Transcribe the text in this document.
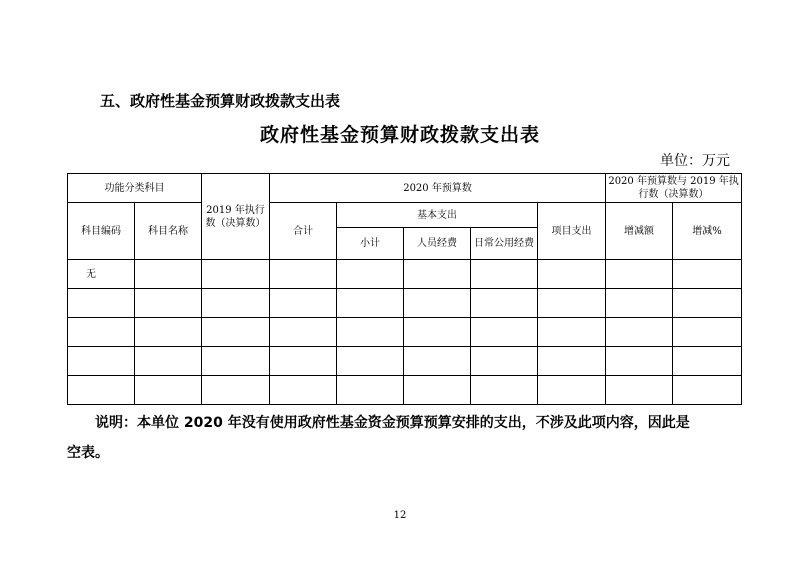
五、政府性基金预算财政拨款支出表
政府性基金预算财政拨款支出表
单位：万元
功能分类科目		2019 年执行数（决算数）	2020 年预算数					2020 年预算数与 2019 年执行数（决算数）	
科目编码	科目名称		合计	基本支出			项目支出	增减额	增减%
				小计	人员经费	日常公用经费			
无									

说明：本单位 2020 年没有使用政府性基金资金预算预算安排的支出，不涉及此项内容，因此是
空表。
12
